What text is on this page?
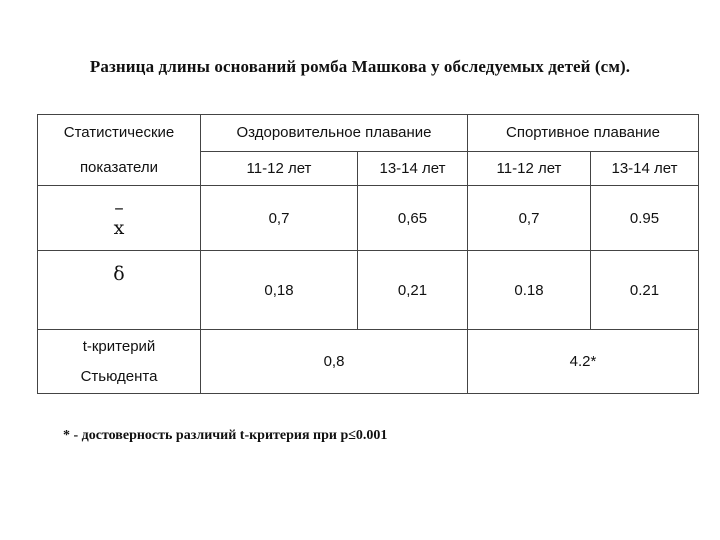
Разница длины оснований ромба Машкова у обследуемых детей (см).
Статистические
показатели	Оздоровительное плавание		Спортивное плавание	
	11-12 лет	13-14 лет	11-12 лет	13-14 лет

–
x	0,7	0,65	0,7	0.95
δ	0,18	0,21	0.18	0.21

t-критерий
Стьюдента	0,8		4.2*	
* - достоверность различий t-критерия при p≤0.001
